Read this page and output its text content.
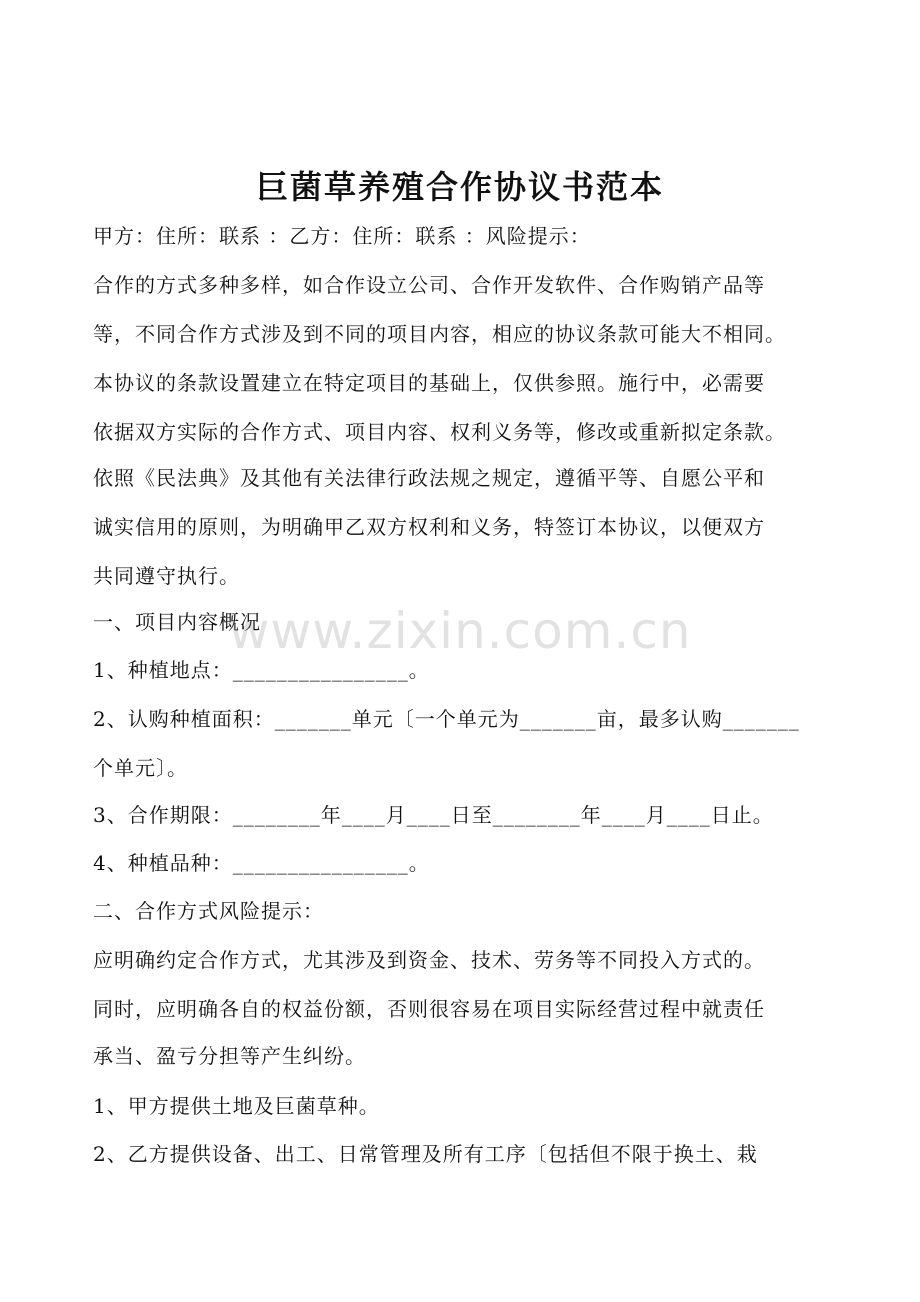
巨菌草养殖合作协议书范本
甲方：住所：联系 ：乙方：住所：联系 ：风险提示：
合作的方式多种多样，如合作设立公司、合作开发软件、合作购销产品等
等，不同合作方式涉及到不同的项目内容，相应的协议条款可能大不相同。
本协议的条款设置建立在特定项目的基础上，仅供参照。施行中，必需要
依据双方实际的合作方式、项目内容、权利义务等，修改或重新拟定条款。
依照《民法典》及其他有关法律行政法规之规定，遵循平等、自愿公平和
诚实信用的原则，为明确甲乙双方权利和义务，特签订本协议，以便双方
共同遵守执行。
一、项目内容概况
1、种植地点：________________。
2、认购种植面积：_______单元〔一个单元为_______亩，最多认购_______
个单元〕。
3、合作期限：________年____月____日至________年____月____日止。
4、种植品种：________________。
二、合作方式风险提示：
应明确约定合作方式，尤其涉及到资金、技术、劳务等不同投入方式的。
同时，应明确各自的权益份额，否则很容易在项目实际经营过程中就责任
承当、盈亏分担等产生纠纷。
1、甲方提供土地及巨菌草种。
2、乙方提供设备、出工、日常管理及所有工序〔包括但不限于换土、栽
www.zixin.com.cn
